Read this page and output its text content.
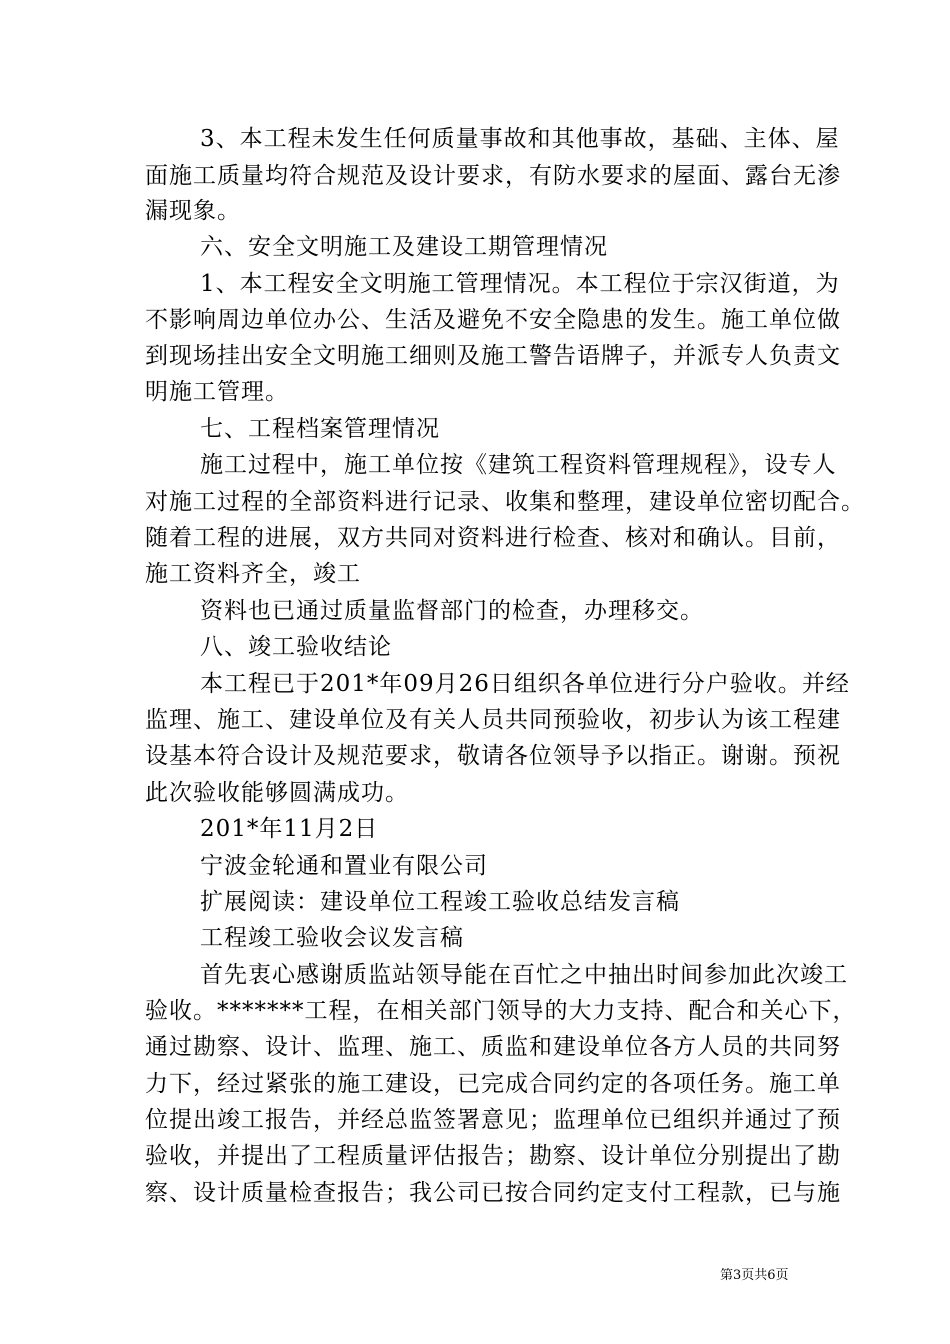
3、本工程未发生任何质量事故和其他事故，基础、主体、屋
面施工质量均符合规范及设计要求，有防水要求的屋面、露台无渗
漏现象。
六、安全文明施工及建设工期管理情况
1、本工程安全文明施工管理情况。本工程位于宗汉街道，为
不影响周边单位办公、生活及避免不安全隐患的发生。施工单位做
到现场挂出安全文明施工细则及施工警告语牌子，并派专人负责文
明施工管理。
七、工程档案管理情况
施工过程中，施工单位按《建筑工程资料管理规程》，设专人
对施工过程的全部资料进行记录、收集和整理，建设单位密切配合。
随着工程的进展，双方共同对资料进行检查、核对和确认。目前，
施工资料齐全，竣工
资料也已通过质量监督部门的检查，办理移交。
八、竣工验收结论
本工程已于201*年09月26日组织各单位进行分户验收。并经
监理、施工、建设单位及有关人员共同预验收，初步认为该工程建
设基本符合设计及规范要求，敬请各位领导予以指正。谢谢。预祝
此次验收能够圆满成功。
201*年11月2日
宁波金轮通和置业有限公司
扩展阅读：建设单位工程竣工验收总结发言稿
工程竣工验收会议发言稿
首先衷心感谢质监站领导能在百忙之中抽出时间参加此次竣工
验收。*******工程，在相关部门领导的大力支持、配合和关心下，
通过勘察、设计、监理、施工、质监和建设单位各方人员的共同努
力下，经过紧张的施工建设，已完成合同约定的各项任务。施工单
位提出竣工报告，并经总监签署意见；监理单位已组织并通过了预
验收，并提出了工程质量评估报告；勘察、设计单位分别提出了勘
察、设计质量检查报告；我公司已按合同约定支付工程款，已与施
第3页共6页
